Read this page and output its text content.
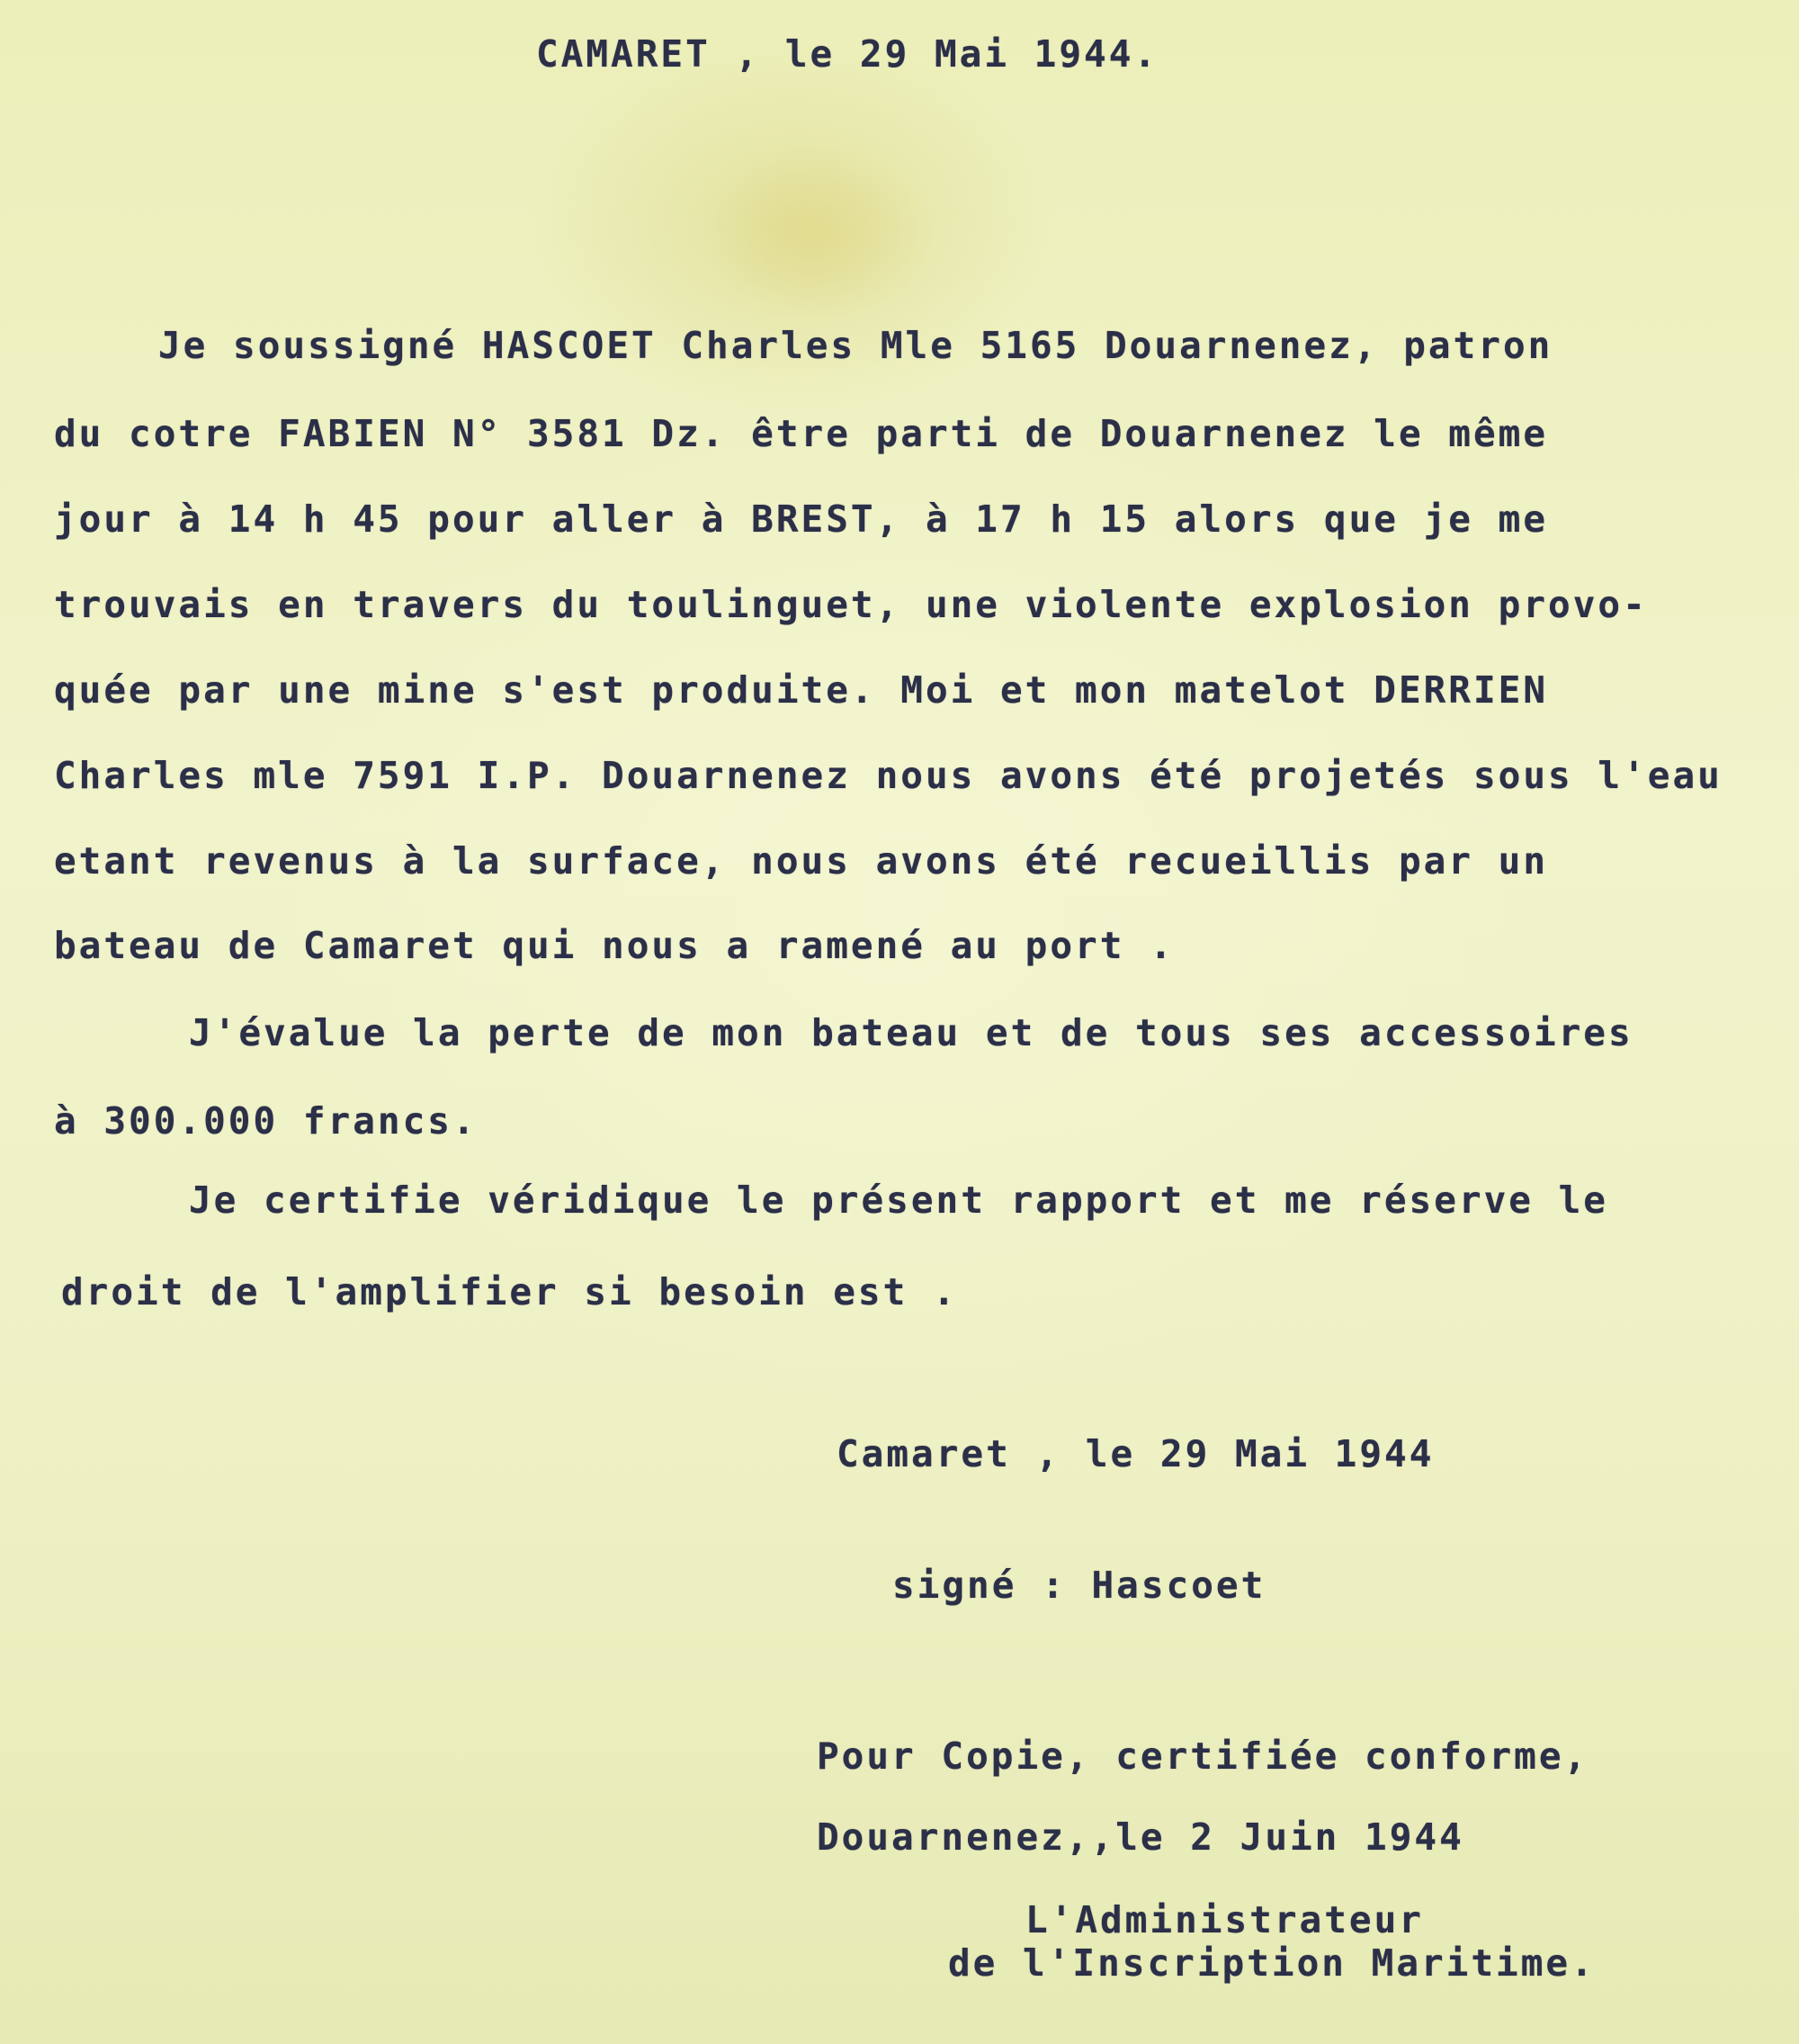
CAMARET , le 29 Mai 1944.
Je soussigné HASCOET Charles Mle 5165 Douarnenez, patron
du cotre FABIEN N° 3581 Dz. être parti de Douarnenez le même
jour à 14 h 45 pour aller à BREST, à 17 h 15 alors que je me
trouvais en travers du toulinguet, une violente explosion provo-
quée par une mine s'est produite. Moi et mon matelot DERRIEN
Charles mle 7591 I.P. Douarnenez nous avons été projetés sous l'eau
etant revenus à la surface, nous avons été recueillis par un
bateau de Camaret qui nous a ramené au port .
J'évalue la perte de mon bateau et de tous ses accessoires
à 300.000 francs.
Je certifie véridique le présent rapport et me réserve le
droit de l'amplifier si besoin est .
Camaret , le 29 Mai 1944
signé : Hascoet
Pour Copie, certifiée conforme,
Douarnenez,,le 2 Juin 1944
L'Administrateur
de l'Inscription Maritime.
